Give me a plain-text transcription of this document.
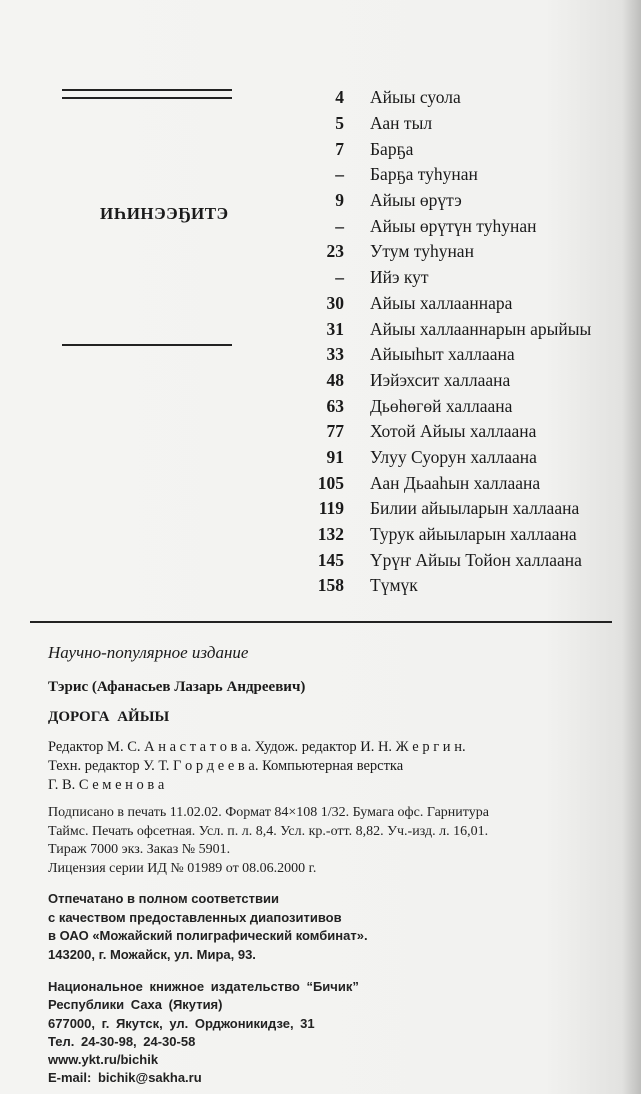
ИҺИНЭЭҔИТЭ
4 Айыы суола
5 Аан тыл
7 Барҕа
– Барҕа туһунан
9 Айыы өрүтэ
– Айыы өрүтүн туһунан
23 Утум туһунан
– Ийэ кут
30 Айыы халлааннара
31 Айыы халлааннарын арыйыы
33 Айыыһыт халлаана
48 Иэйэхсит халлаана
63 Дьөһөгөй халлаана
77 Хотой Айыы халлаана
91 Улуу Суорун халлаана
105 Аан Дьааһын халлаана
119 Билии айыыларын халлаана
132 Турук айыыларын халлаана
145 Үрүҥ Айыы Тойон халлаана
158 Түмүк
Научно-популярное издание
Тэрис (Афанасьев Лазарь Андреевич)
ДОРОГА АЙЫЫ
Редактор М. С. А н а с т а т о в а. Худож. редактор И. Н. Ж е р г и н.
Техн. редактор У. Т. Г о р д е е в а. Компьютерная верстка
Г. В. С е м е н о в а
Подписано в печать 11.02.02. Формат 84×108 1/32. Бумага офс. Гарнитура
Таймс. Печать офсетная. Усл. п. л. 8,4. Усл. кр.-отт. 8,82. Уч.-изд. л. 16,01.
Тираж 7000 экз. Заказ № 5901.
Лицензия серии ИД № 01989 от 08.06.2000 г.
Отпечатано в полном соответствии
с качеством предоставленных диапозитивов
в ОАО «Можайский полиграфический комбинат».
143200, г. Можайск, ул. Мира, 93.
Национальное книжное издательство “Бичик”
Республики Саха (Якутия)
677000, г. Якутск, ул. Орджоникидзе, 31
Тел. 24-30-98, 24-30-58
www.ykt.ru/bichik
E-mail: bichik@sakha.ru
